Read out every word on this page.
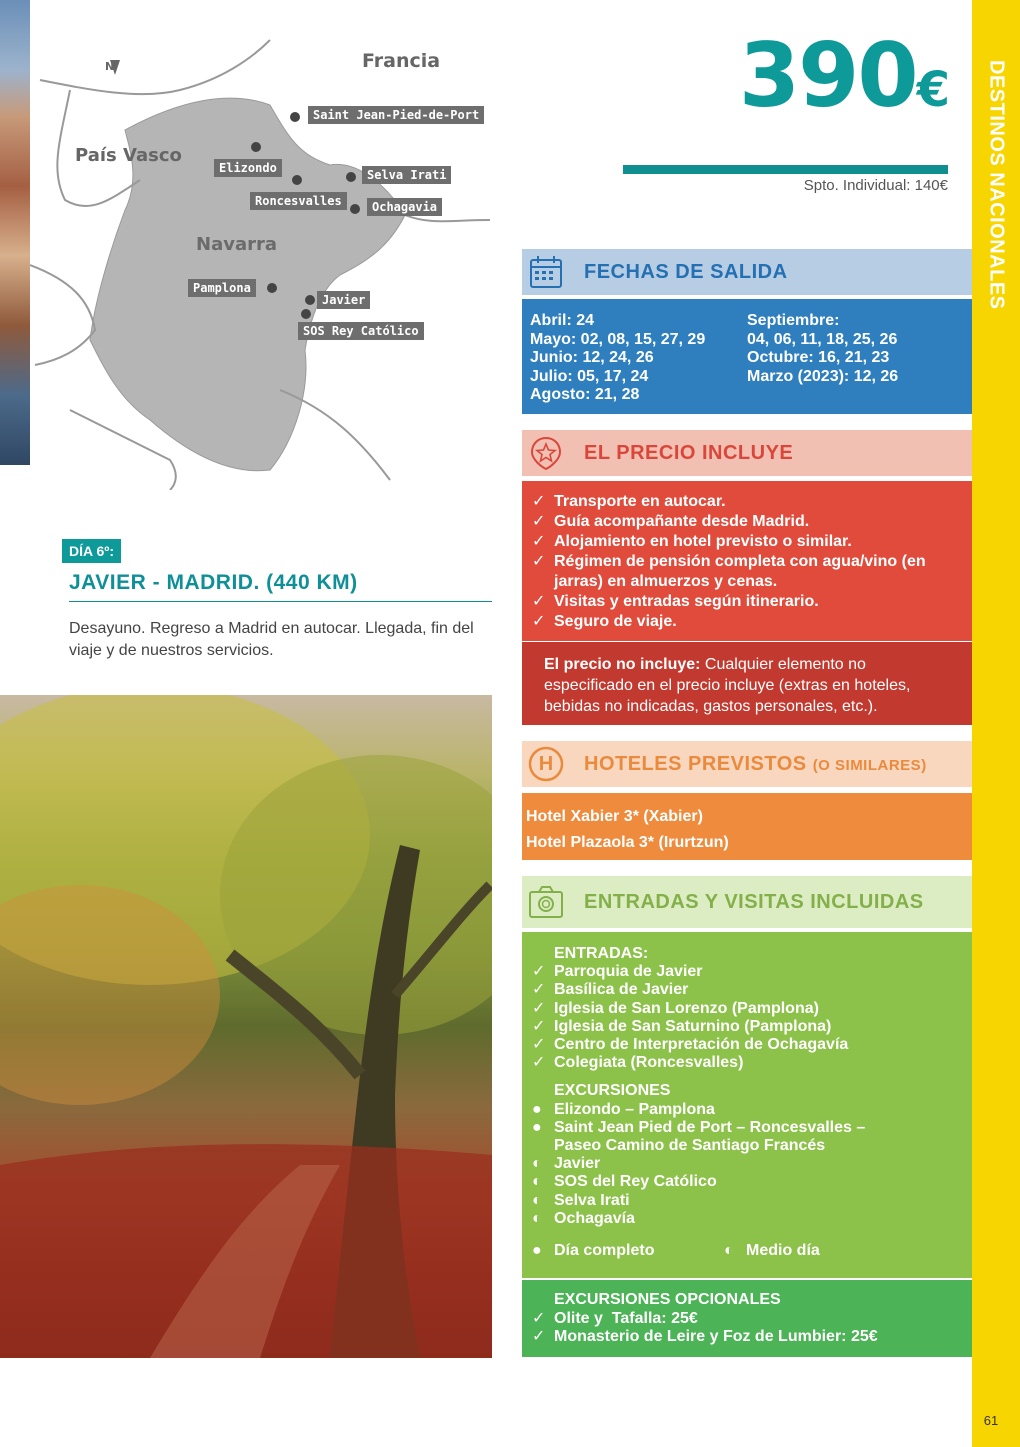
N	Francia
País Vasco
Navarra
Saint Jean-Pied-de-Port
Elizondo	Selva Irati
Roncesvalles	Ochagavia
Pamplona
Javier
SOS Rey Católico
DÍA 6º:
JAVIER - MADRID. (440 KM)
Desayuno. Regreso a Madrid en autocar. Llegada, fin del viaje y de nuestros servicios.
390€
Spto. Individual: 140€
FECHAS DE SALIDA
Abril: 24
Mayo: 02, 08, 15, 27, 29
Junio: 12, 24, 26
Julio: 05, 17, 24
Agosto: 21, 28
Septiembre:
04, 06, 11, 18, 25, 26
Octubre: 16, 21, 23
Marzo (2023): 12, 26
EL PRECIO INCLUYE
✓ Transporte en autocar.
✓ Guía acompañante desde Madrid.
✓ Alojamiento en hotel previsto o similar.
✓ Régimen de pensión completa con agua/vino (en jarras) en almuerzos y cenas.
✓ Visitas y entradas según itinerario.
✓ Seguro de viaje.
El precio no incluye: Cualquier elemento no especificado en el precio incluye (extras en hoteles, bebidas no indicadas, gastos personales, etc.).
H HOTELES PREVISTOS (O SIMILARES)
Hotel Xabier 3* (Xabier)
Hotel Plazaola 3* (Irurtzun)
ENTRADAS Y VISITAS INCLUIDAS
ENTRADAS:
✓ Parroquia de Javier
✓ Basílica de Javier
✓ Iglesia de San Lorenzo (Pamplona)
✓ Iglesia de San Saturnino (Pamplona)
✓ Centro de Interpretación de Ochagavía
✓ Colegiata (Roncesvalles)
EXCURSIONES
● Elizondo – Pamplona
● Saint Jean Pied de Port – Roncesvalles – Paseo Camino de Santiago Francés
◐ Javier
◐ SOS del Rey Católico
◐ Selva Irati
◐ Ochagavía
● Día completo	◐ Medio día
EXCURSIONES OPCIONALES
✓ Olite y  Tafalla: 25€
✓ Monasterio de Leire y Foz de Lumbier: 25€
DESTINOS NACIONALES
61
